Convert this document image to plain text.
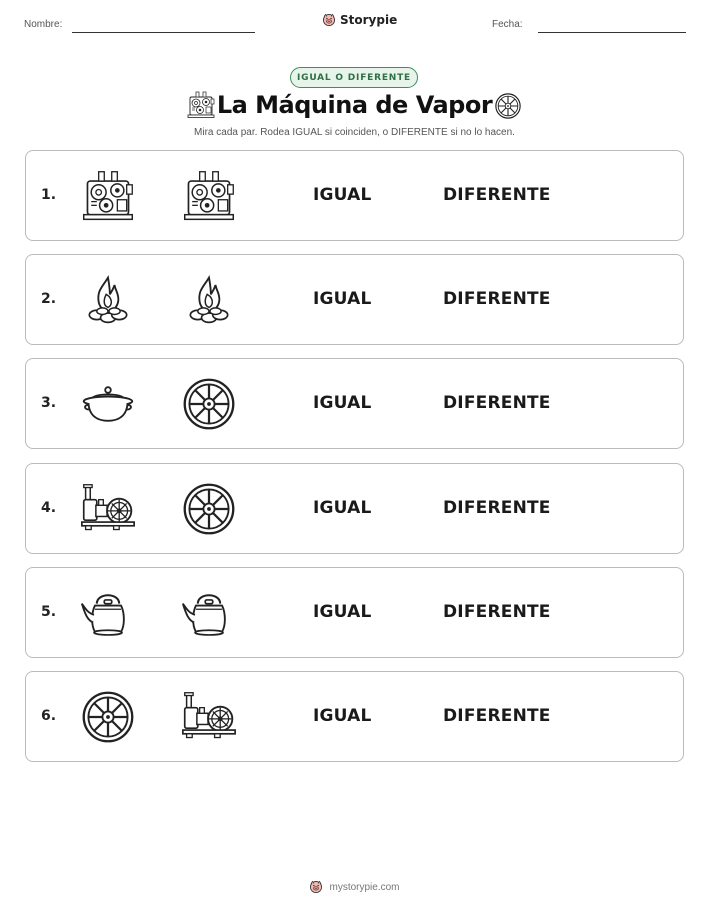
Nombre:	Storypie	Fecha:
IGUAL O DIFERENTE
La Máquina de Vapor
Mira cada par. Rodea IGUAL si coinciden, o DIFERENTE si no lo hacen.
1.	IGUAL	DIFERENTE
2.	IGUAL	DIFERENTE
3.	IGUAL	DIFERENTE
4.	IGUAL	DIFERENTE
5.	IGUAL	DIFERENTE
6.	IGUAL	DIFERENTE
mystorypie.com
